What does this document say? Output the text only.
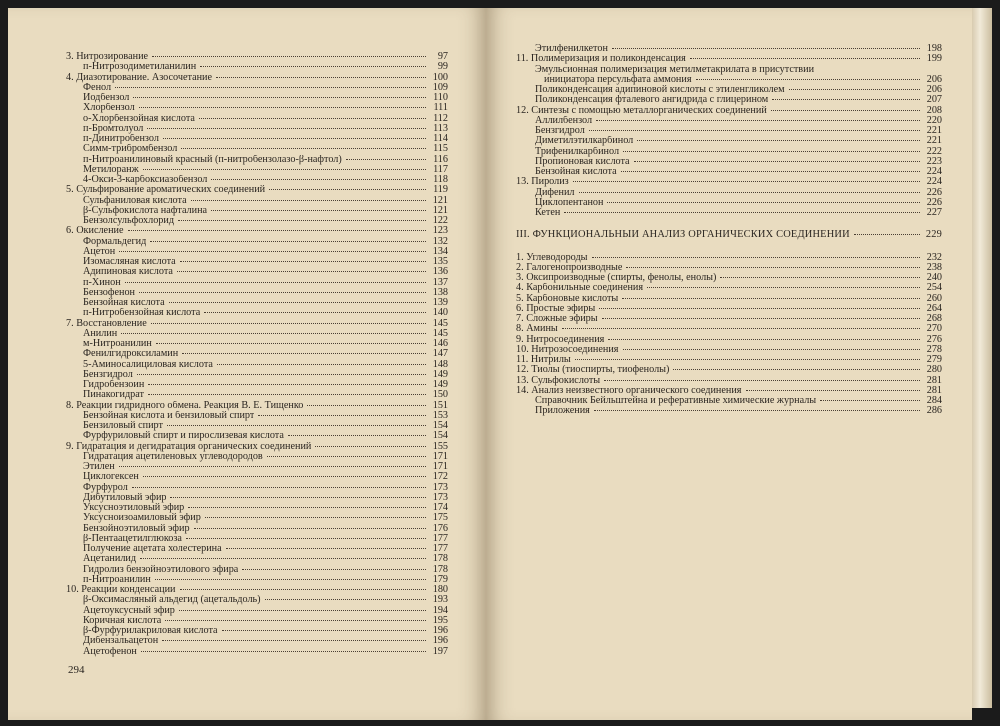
3. Нитрозирование	97
п-Нитрозодиметиланилин	99
4. Диазотирование. Азосочетание	100
Фенол	109
Иодбензол	110
Хлорбензол	111
о-Хлорбензойная кислота	112
п-Бромтолуол	113
п-Динитробензол	114
Симм-трибромбензол	115
п-Нитроанилиновый красный (п-нитробензолазо-β-нафтол)	116
Метилоранж	117
4-Окси-3-карбоксиазобензол	118
5. Сульфирование ароматических соединений	119
Сульфаниловая кислота	121
β-Сульфокислота нафталина	121
Бензолсульфохлорид	122
6. Окисление	123
Формальдегид	132
Ацетон	134
Изомасляная кислота	135
Адипиновая кислота	136
п-Хинон	137
Бензофенон	138
Бензойная кислота	139
п-Нитробензойная кислота	140
7. Восстановление	145
Анилин	145
м-Нитроанилин	146
Фенилгидроксиламин	147
5-Аминосалициловая кислота	148
Бензгидрол	149
Гидробензоин	149
Пинакогидрат	150
8. Реакции гидридного обмена. Реакция В. Е. Тищенко	151
Бензойная кислота и бензиловый спирт	153
Бензиловый спирт	154
Фурфуриловый спирт и пирослизевая кислота	154
9. Гидратация и дегидратация органических соединений	155
Гидратация ацетиленовых углеводородов	171
Этилен	171
Циклогексен	172
Фурфурол	173
Дибутиловый эфир	173
Уксусноэтиловый эфир	174
Уксусноизоамиловый эфир	175
Бензойноэтиловый эфир	176
β-Пентаацетилглюкоза	177
Получение ацетата холестерина	177
Ацетанилид	178
Гидролиз бензойноэтилового эфира	178
п-Нитроанилин	179
10. Реакции конденсации	180
β-Оксимасляный альдегид (ацетальдоль)	193
Ацетоуксусный эфир	194
Коричная кислота	195
β-Фурфурилакриловая кислота	196
Дибензальацетон	196
Ацетофенон	197
294
Этилфенилкетон	198
11. Полимеризация и поликонденсация	199
Эмульсионная полимеризация метилметакрилата в присутствии
инициатора персульфата аммония	206
Поликонденсация адипиновой кислоты с этиленгликолем	206
Поликонденсация фталевого ангидрида с глицерином	207
12. Синтезы с помощью металлорганических соединений	208
Аллилбензол	220
Бензгидрол	221
Диметилэтилкарбинол	221
Трифенилкарбинол	222
Пропионовая кислота	223
Бензойная кислота	224
13. Пиролиз	224
Дифенил	226
Циклопентанон	226
Кетен	227
III. ФУНКЦИОНАЛЬНЫЙ АНАЛИЗ ОРГАНИЧЕСКИХ СОЕДИНЕНИЙ	229
1. Углеводороды	232
2. Галогенопроизводные	238
3. Оксипроизводные (спирты, фенолы, енолы)	240
4. Карбонильные соединения	254
5. Карбоновые кислоты	260
6. Простые эфиры	264
7. Сложные эфиры	268
8. Амины	270
9. Нитросоединения	276
10. Нитрозосоединения	278
11. Нитрилы	279
12. Тиолы (тиоспирты, тиофенолы)	280
13. Сульфокислоты	281
14. Анализ неизвестного органического соединения	281
Справочник Бейльштейна и реферативные химические журналы	284
Приложения	286
